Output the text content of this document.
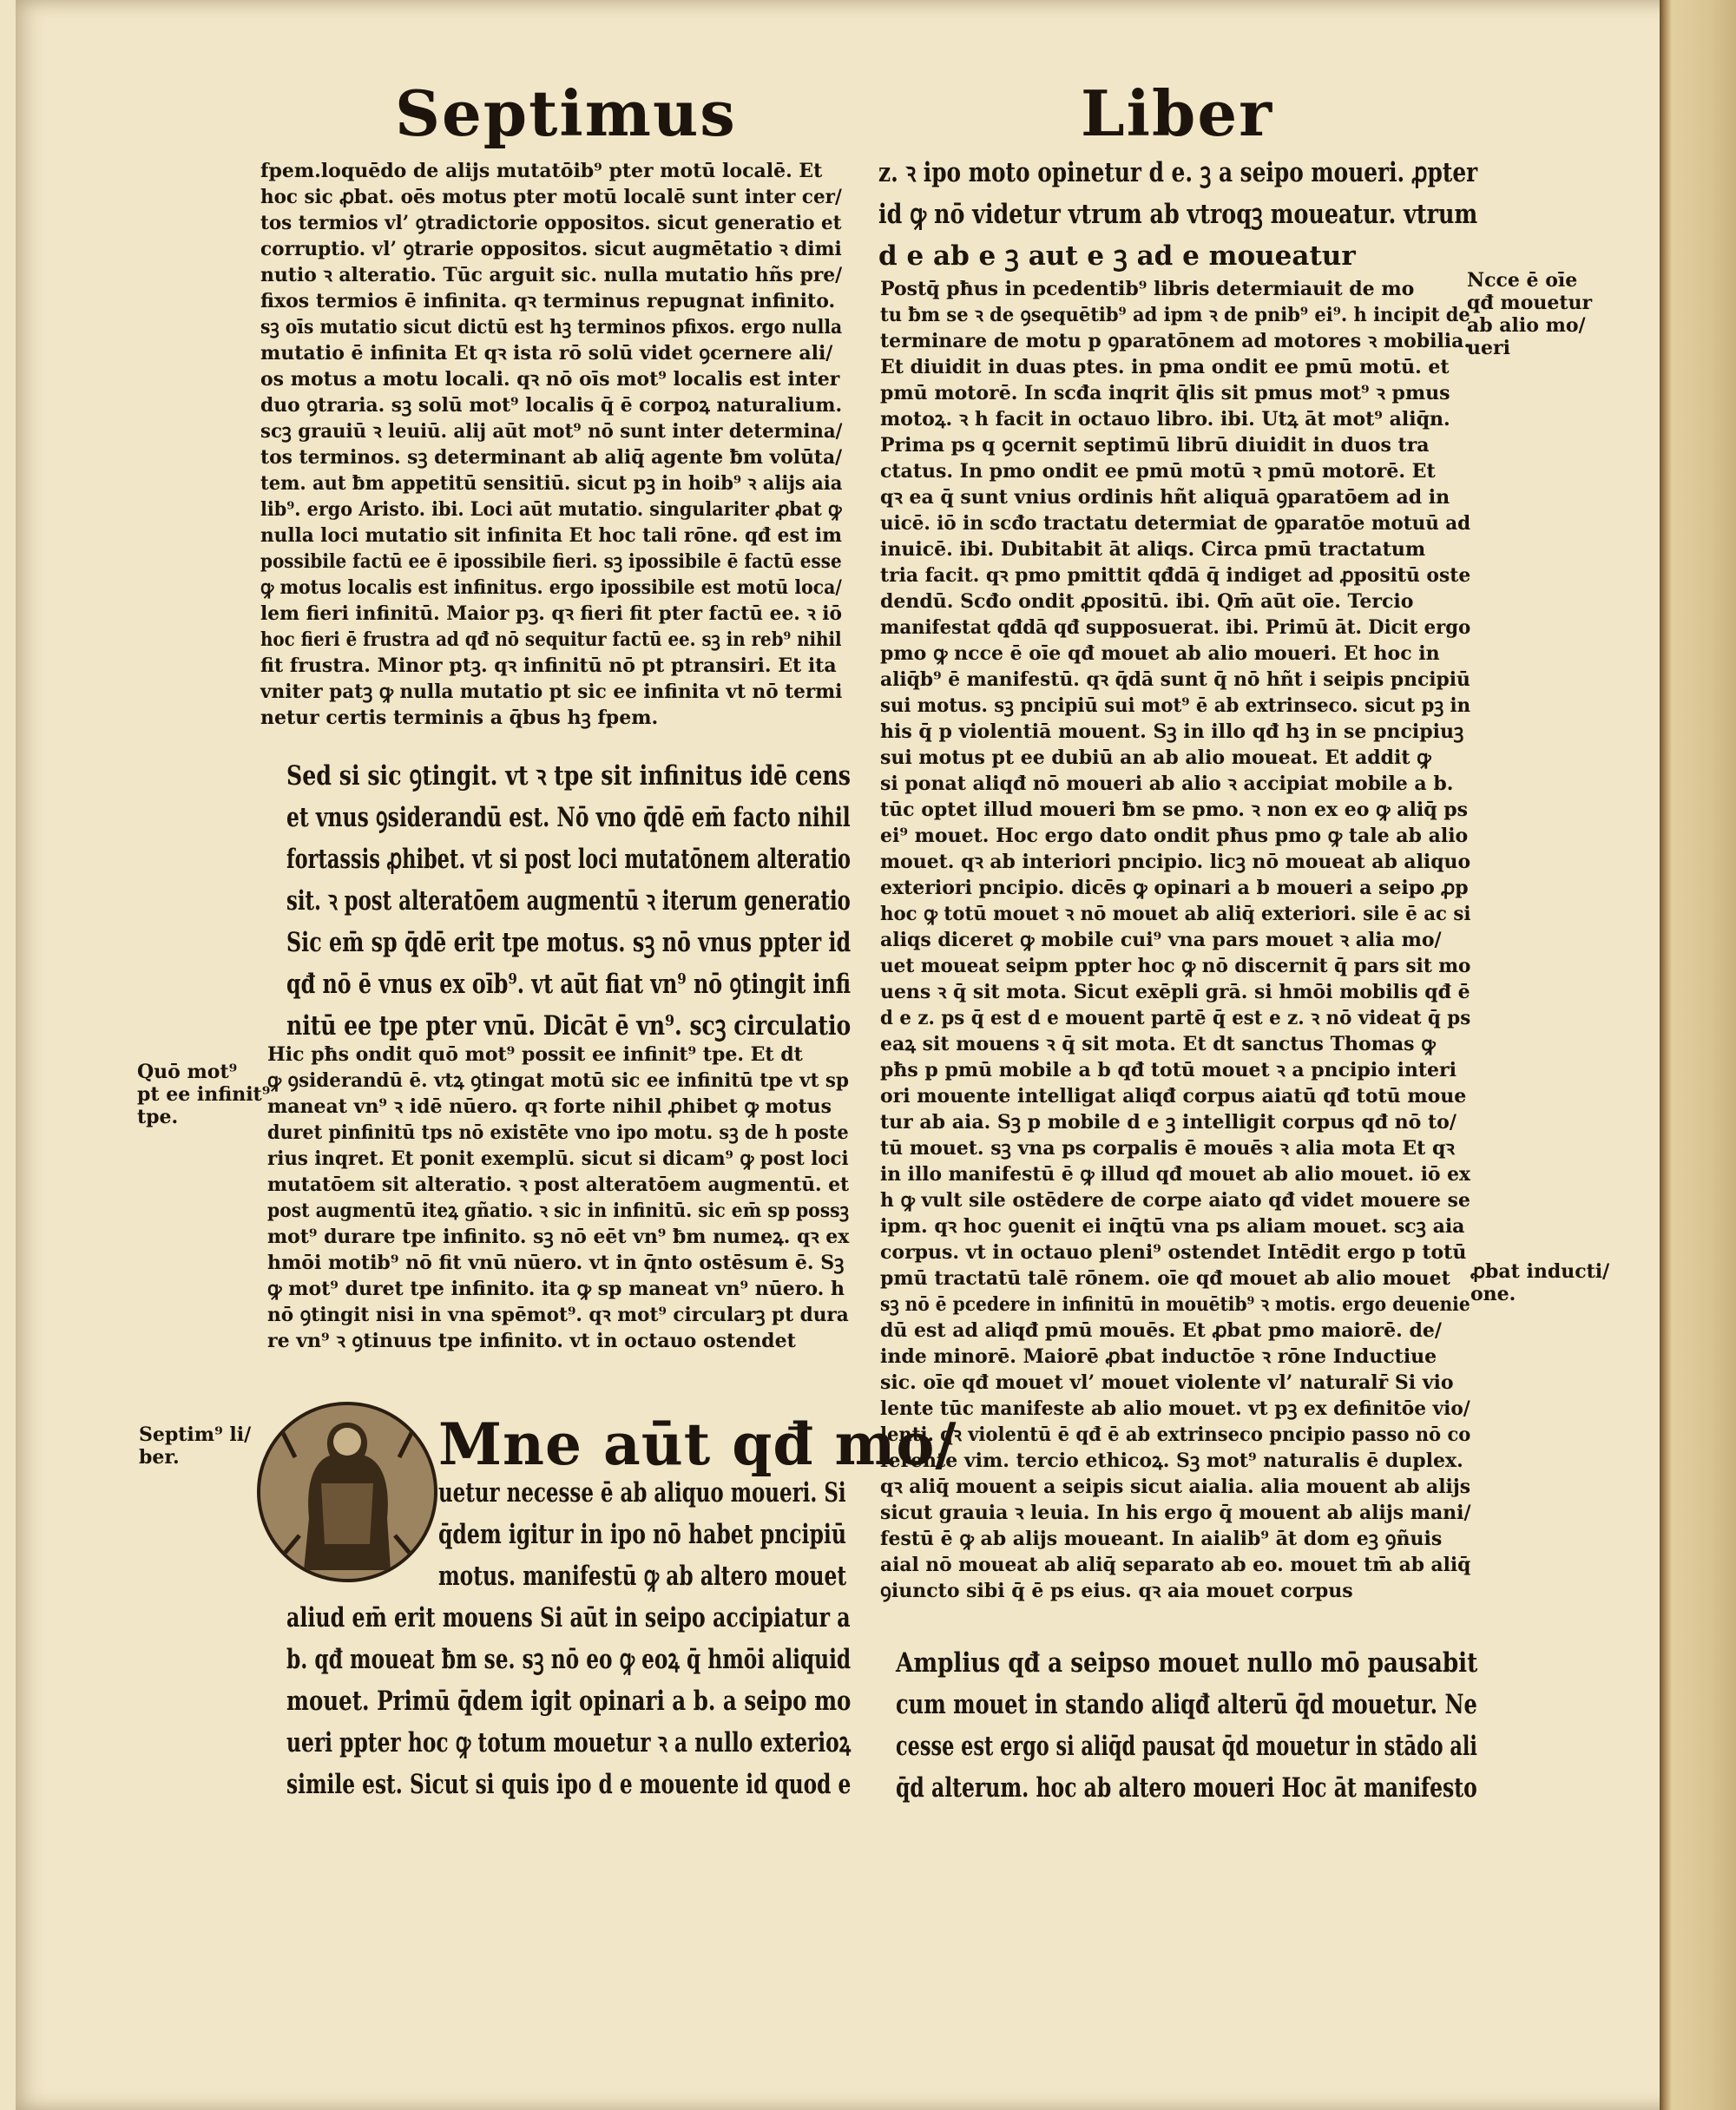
Septimus	Liber
fpem.loquēdo de alijs mutatōib⁹ pter motū localē. Et
hoc sic ꝓbat. oēs motus pter motū localē sunt inter cer/
tos termios vl’ ꝯtradictorie oppositos. sicut generatio et
corruptio. vl’ ꝯtrarie oppositos. sicut augmētatio ꝛ dimi
nutio ꝛ alteratio. Tūc arguit sic. nulla mutatio hñs pre/
fixos termios ē infinita. qꝛ terminus repugnat infinito.
sꝫ oīs mutatio sicut dictū est hꝫ terminos pfixos. ergo nulla
mutatio ē infinita Et qꝛ ista rō solū videt ꝯcernere ali/
os motus a motu locali. qꝛ nō oīs mot⁹ localis est inter
duo ꝯtraria. sꝫ solū mot⁹ localis q̄ ē corpoꝝ naturalium.
scꝫ grauiū ꝛ leuiū. alij aūt mot⁹ nō sunt inter determina/
tos terminos. sꝫ determinant ab aliq̄ agente ƀm volūta/
tem. aut ƀm appetitū sensitiū. sicut pꝫ in hoib⁹ ꝛ alijs aia
lib⁹. ergo Aristo. ibi. Loci aūt mutatio. singulariter ꝓbat ꝙ
nulla loci mutatio sit infinita Et hoc tali rōne. qđ est im
possibile factū ee ē ipossibile fieri. sꝫ ipossibile ē factū esse
ꝙ motus localis est infinitus. ergo ipossibile est motū loca/
lem fieri infinitū. Maior pꝫ. qꝛ fieri fit pter factū ee. ꝛ iō
hoc fieri ē frustra ad qđ nō sequitur factū ee. sꝫ in reb⁹ nihil
fit frustra. Minor ptꝫ. qꝛ infinitū nō pt ptransiri. Et ita
vniter patꝫ ꝙ nulla mutatio pt sic ee infinita vt nō termi
netur certis terminis a q̄bus hꝫ fpem.
Sed si sic ꝯtingit. vt ꝛ tpe sit infinitus idē cens
et vnus ꝯsiderandū est. Nō vno q̄dē em̄ facto nihil
fortassis ꝓhibet. vt si post loci mutatōnem alteratio
sit. ꝛ post alteratōem augmentū ꝛ iterum generatio
Sic em̄ sp q̄dē erit tpe motus. sꝫ nō vnus ppter id
qđ nō ē vnus ex oīb⁹. vt aūt fiat vn⁹ nō ꝯtingit infi
nitū ee tpe pter vnū. Dicāt ē vn⁹. scꝫ circulatio
Hic pħs ondit quō mot⁹ possit ee infinit⁹ tpe. Et dt
ꝙ ꝯsiderandū ē. vtꝝ ꝯtingat motū sic ee infinitū tpe vt sp
maneat vn⁹ ꝛ idē nūero. qꝛ forte nihil ꝓhibet ꝙ motus
duret pinfinitū tps nō existēte vno ipo motu. sꝫ de h poste
rius inqret. Et ponit exemplū. sicut si dicam⁹ ꝙ post loci
mutatōem sit alteratio. ꝛ post alteratōem augmentū. et
post augmentū iteꝝ gñatio. ꝛ sic in infinitū. sic em̄ sp possꝫ
mot⁹ durare tpe infinito. sꝫ nō eēt vn⁹ ƀm numeꝝ. qꝛ ex
hmōi motib⁹ nō fit vnū nūero. vt in q̄nto ostēsum ē. Sꝫ
ꝙ mot⁹ duret tpe infinito. ita ꝙ sp maneat vn⁹ nūero. h
nō ꝯtingit nisi in vna spēmot⁹. qꝛ mot⁹ circularꝫ pt dura
re vn⁹ ꝛ ꝯtinuus tpe infinito. vt in octauo ostendet
Quō mot⁹
pt ee infinit⁹
tpe.
Septim⁹ li/
ber.	Mne aūt qđ mo/
uetur necesse ē ab aliquo moueri. Si
q̄dem igitur in ipo nō habet pncipiū
motus. manifestū ꝙ ab altero mouet
aliud em̄ erit mouens Si aūt in seipo accipiatur a
b. qđ moueat ƀm se. sꝫ nō eo ꝙ eoꝝ q̄ hmōi aliquid
mouet. Primū q̄dem igit opinari a b. a seipo mo
ueri ppter hoc ꝙ totum mouetur ꝛ a nullo exterioꝝ
simile est. Sicut si quis ipo d e mouente id quod e
z. ꝛ ipo moto opinetur d e. ꝫ a seipo moueri. ꝓpter
id ꝙ nō videtur vtrum ab vtroqꝫ moueatur. vtrum
d e ab e ꝫ aut e ꝫ ad e moueatur
Postq̄ pħus in pcedentib⁹ libris determiauit de mo
tu ƀm se ꝛ de ꝯsequētib⁹ ad ipm ꝛ de pnib⁹ ei⁹. h incipit de
terminare de motu p ꝯparatōnem ad motores ꝛ mobilia.
Et diuidit in duas ptes. in pma ondit ee pmū motū. et
pmū motorē. In scđa inqrit q̄lis sit pmus mot⁹ ꝛ pmus
motoꝝ. ꝛ h facit in octauo libro. ibi. Utꝝ āt mot⁹ aliq̄n.
Prima ps q ꝯcernit septimū librū diuidit in duos tra
ctatus. In pmo ondit ee pmū motū ꝛ pmū motorē. Et
qꝛ ea q̄ sunt vnius ordinis hñt aliquā ꝯparatōem ad in
uicē. iō in scđo tractatu determiat de ꝯparatōe motuū ad
inuicē. ibi. Dubitabit āt aliqs. Circa pmū tractatum
tria facit. qꝛ pmo pmittit qđdā q̄ indiget ad ꝓpositū oste
dendū. Scđo ondit ꝓpositū. ibi. Qm̄ aūt oīe. Tercio
manifestat qđdā qđ supposuerat. ibi. Primū āt. Dicit ergo
pmo ꝙ ncce ē oīe qđ mouet ab alio moueri. Et hoc in
aliq̄b⁹ ē manifestū. qꝛ q̄dā sunt q̄ nō hñt i seipis pncipiū
sui motus. sꝫ pncipiū sui mot⁹ ē ab extrinseco. sicut pꝫ in
his q̄ p violentiā mouent. Sꝫ in illo qđ hꝫ in se pncipiuꝫ
sui motus pt ee dubiū an ab alio moueat. Et addit ꝙ
si ponat aliqđ nō moueri ab alio ꝛ accipiat mobile a b.
tūc optet illud moueri ƀm se pmo. ꝛ non ex eo ꝙ aliq̄ ps
ei⁹ mouet. Hoc ergo dato ondit pħus pmo ꝙ tale ab alio
mouet. qꝛ ab interiori pncipio. licꝫ nō moueat ab aliquo
exteriori pncipio. dicēs ꝙ opinari a b moueri a seipo ꝓp
hoc ꝙ totū mouet ꝛ nō mouet ab aliq̄ exteriori. sile ē ac si
aliqs diceret ꝙ mobile cui⁹ vna pars mouet ꝛ alia mo/
uet moueat seipm ppter hoc ꝙ nō discernit q̄ pars sit mo
uens ꝛ q̄ sit mota. Sicut exēpli grā. si hmōi mobilis qđ ē
d e z. ps q̄ est d e mouent partē q̄ est e z. ꝛ nō videat q̄ ps
eaꝝ sit mouens ꝛ q̄ sit mota. Et dt sanctus Thomas ꝙ
pħs p pmū mobile a b qđ totū mouet ꝛ a pncipio interi
ori mouente intelligat aliqđ corpus aiatū qđ totū moue
tur ab aia. Sꝫ p mobile d e ꝫ intelligit corpus qđ nō to/
tū mouet. sꝫ vna ps corpalis ē mouēs ꝛ alia mota Et qꝛ
in illo manifestū ē ꝙ illud qđ mouet ab alio mouet. iō ex
h ꝙ vult sile ostēdere de corpe aiato qđ videt mouere se
ipm. qꝛ hoc ꝯuenit ei inq̄tū vna ps aliam mouet. scꝫ aia
corpus. vt in octauo pleni⁹ ostendet Intēdit ergo p totū
pmū tractatū talē rōnem. oīe qđ mouet ab alio mouet
sꝫ nō ē pcedere in infinitū in mouētib⁹ ꝛ motis. ergo deuenie
dū est ad aliqđ pmū mouēs. Et ꝓbat pmo maiorē. de/
inde minorē. Maiorē ꝓbat inductōe ꝛ rōne Inductiue
sic. oīe qđ mouet vl’ mouet violente vl’ naturalr̄ Si vio
lente tūc manifeste ab alio mouet. vt pꝫ ex definitōe vio/
lenti. qꝛ violentū ē qđ ē ab extrinseco pncipio passo nō co
ferente vim. tercio ethicoꝝ. Sꝫ mot⁹ naturalis ē duplex.
qꝛ aliq̄ mouent a seipis sicut aialia. alia mouent ab alijs
sicut grauia ꝛ leuia. In his ergo q̄ mouent ab alijs mani/
festū ē ꝙ ab alijs moueant. In aialib⁹ āt dom eꝫ ꝯñuis
aial nō moueat ab aliq̄ separato ab eo. mouet tm̄ ab aliq̄
ꝯiuncto sibi q̄ ē ps eius. qꝛ aia mouet corpus
Ncce ē oīe
qđ mouetur
ab alio mo/
ueri
ꝓbat inducti/
one.
Amplius qđ a seipso mouet nullo mō pausabit
cum mouet in stando aliqđ alterū q̄d mouetur. Ne
cesse est ergo si aliq̄d pausat q̄d mouetur in stādo ali
q̄d alterum. hoc ab altero moueri Hoc āt manifesto
